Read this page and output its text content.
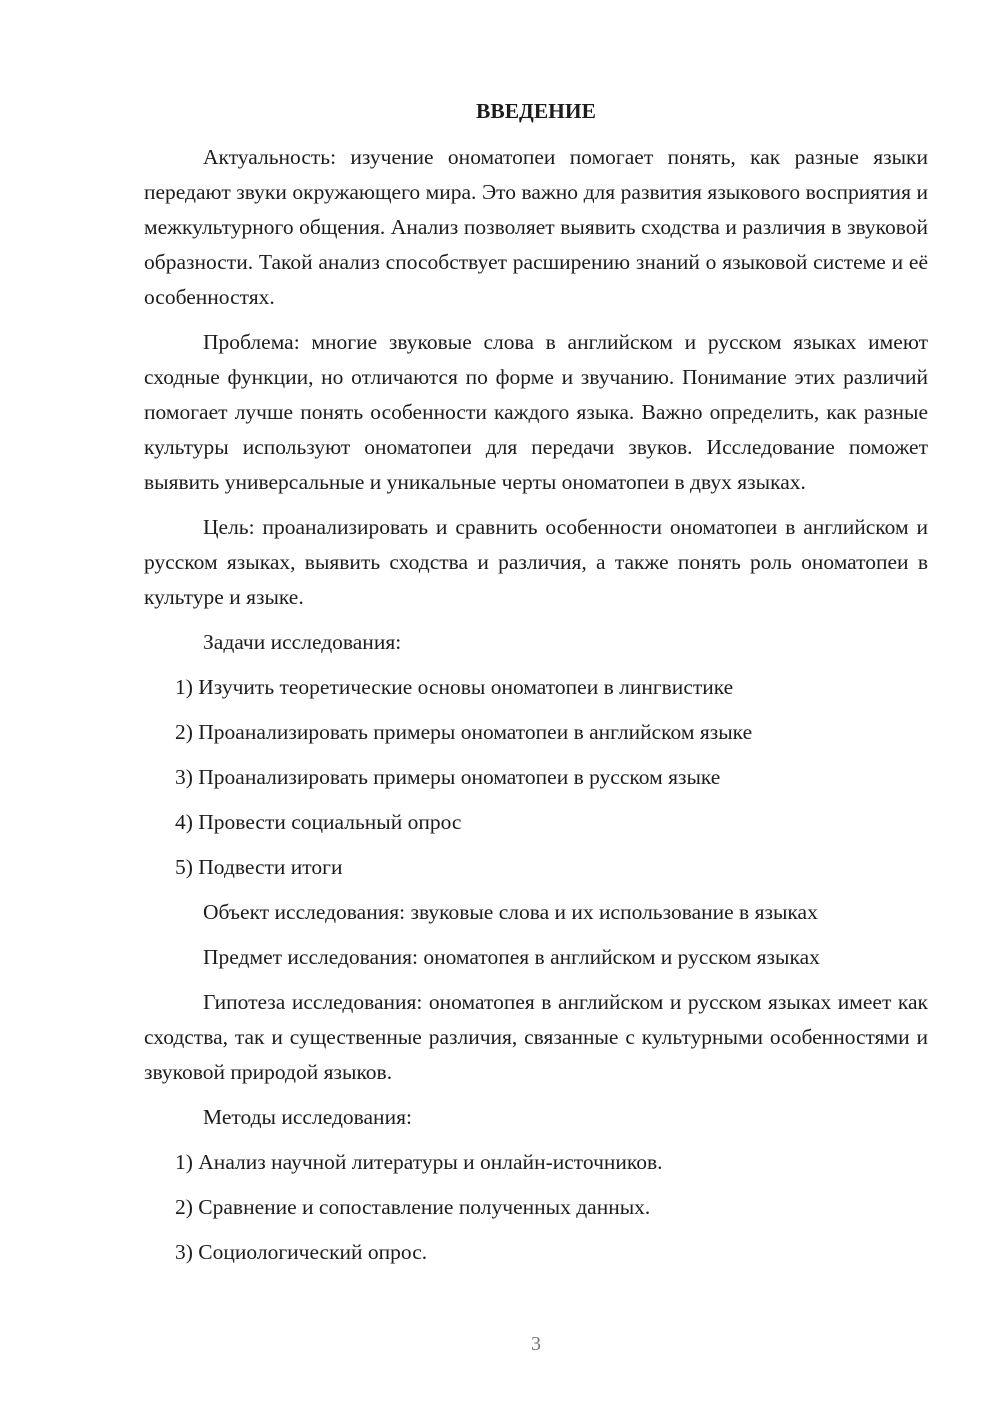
ВВЕДЕНИЕ

Актуальность: изучение ономатопеи помогает понять, как разные языки передают звуки окружающего мира. Это важно для развития языкового восприятия и межкультурного общения. Анализ позволяет выявить сходства и различия в звуковой образности. Такой анализ способствует расширению знаний о языковой системе и её особенностях.

Проблема: многие звуковые слова в английском и русском языках имеют сходные функции, но отличаются по форме и звучанию. Понимание этих различий помогает лучше понять особенности каждого языка. Важно определить, как разные культуры используют ономатопеи для передачи звуков. Исследование поможет выявить универсальные и уникальные черты ономатопеи в двух языках.

Цель: проанализировать и сравнить особенности ономатопеи в английском и русском языках, выявить сходства и различия, а также понять роль ономатопеи в культуре и языке.

Задачи исследования:

1) Изучить теоретические основы ономатопеи в лингвистике

2) Проанализировать примеры ономатопеи в английском языке

3) Проанализировать примеры ономатопеи в русском языке

4) Провести социальный опрос

5) Подвести итоги

Объект исследования: звуковые слова и их использование в языках

Предмет исследования: ономатопея в английском и русском языках

Гипотеза исследования: ономатопея в английском и русском языках имеет как сходства, так и существенные различия, связанные с культурными особенностями и звуковой природой языков.

Методы исследования:

1) Анализ научной литературы и онлайн-источников.

2) Сравнение и сопоставление полученных данных.

3) Социологический опрос.

3
